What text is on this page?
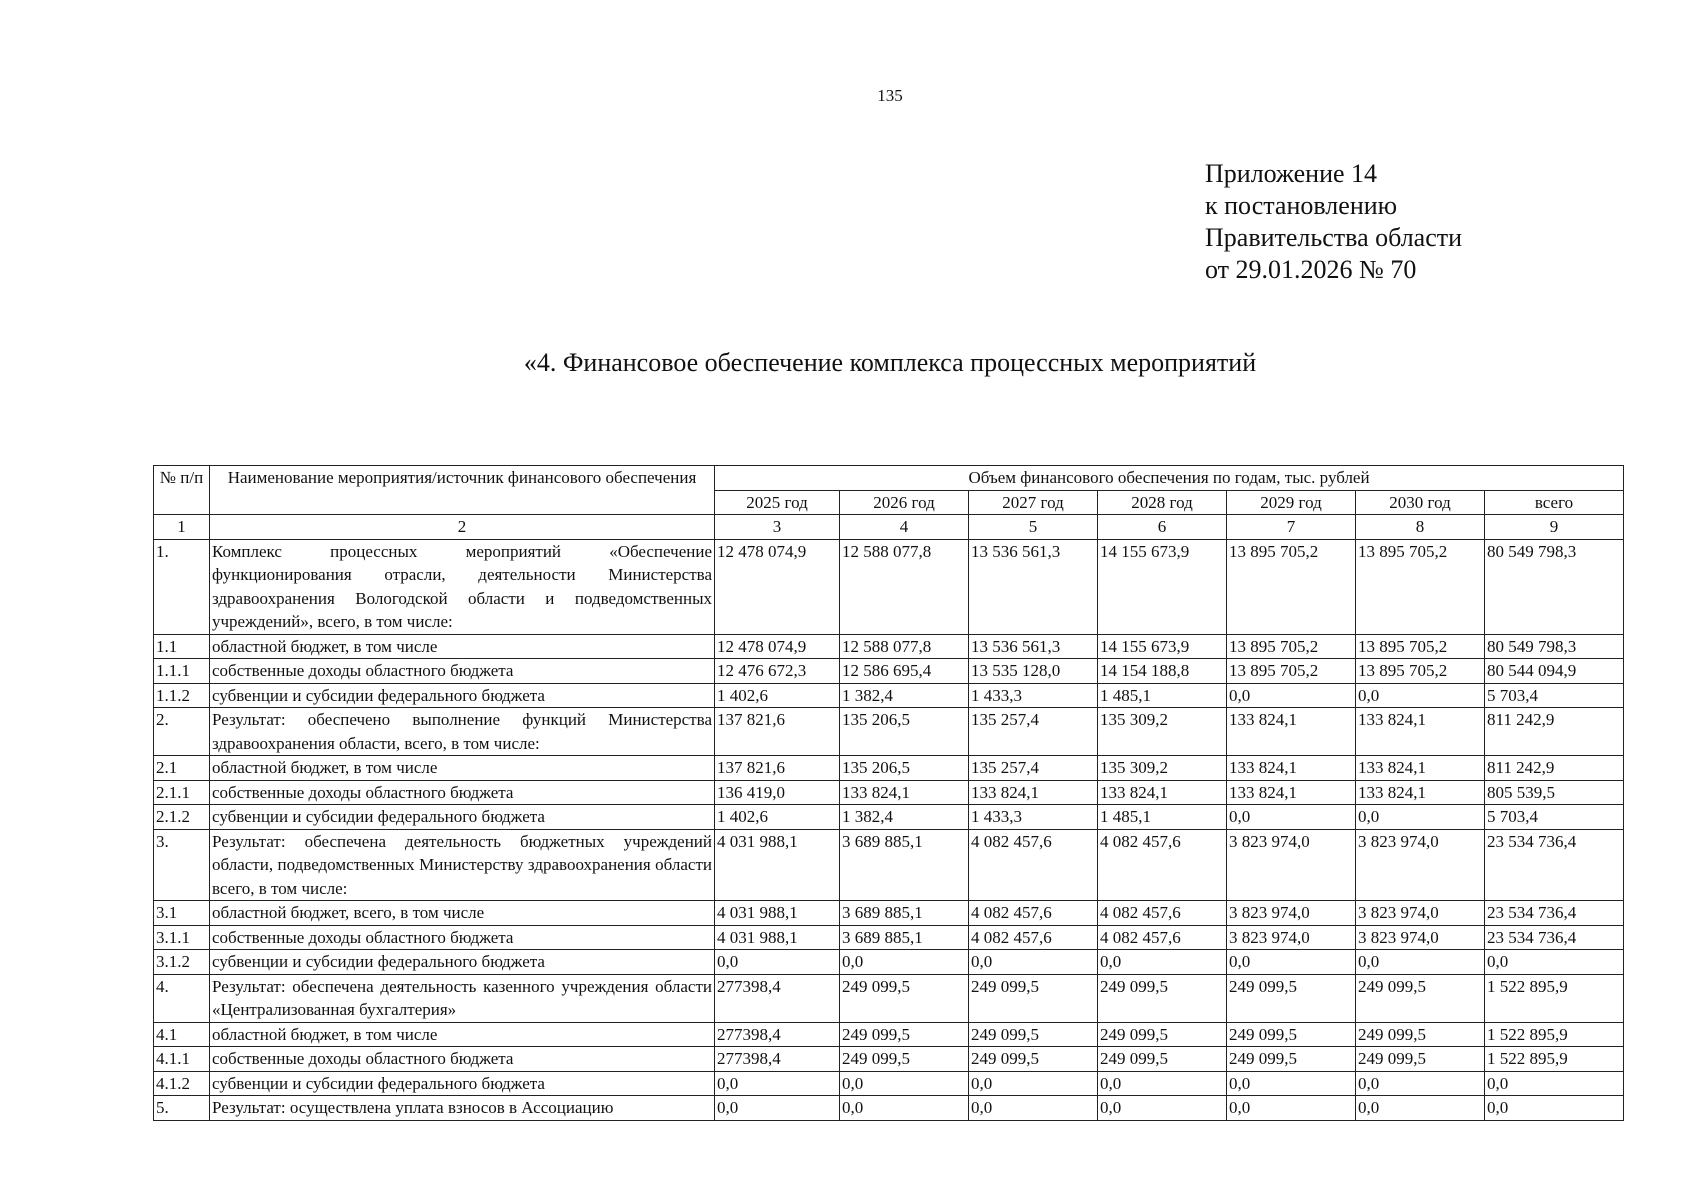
135
Приложение 14
к постановлению
Правительства области
от 29.01.2026 № 70
«4. Финансовое обеспечение комплекса процессных мероприятий
№ п/п	Наименование мероприятия/источник финансового обеспечения	Объем финансового обеспечения по годам, тыс. рублей						
		2025 год	2026 год	2027 год	2028 год	2029 год	2030 год	всего
1	2	3	4	5	6	7	8	9
1.	Комплекс процессных мероприятий «Обеспечение функционирования отрасли, деятельности Министерства здравоохранения Вологодской области и подведомственных учреждений», всего, в том числе:	12 478 074,9	12 588 077,8	13 536 561,3	14 155 673,9	13 895 705,2	13 895 705,2	80 549 798,3
1.1	областной бюджет, в том числе	12 478 074,9	12 588 077,8	13 536 561,3	14 155 673,9	13 895 705,2	13 895 705,2	80 549 798,3
1.1.1	собственные доходы областного бюджета	12 476 672,3	12 586 695,4	13 535 128,0	14 154 188,8	13 895 705,2	13 895 705,2	80 544 094,9
1.1.2	субвенции и субсидии федерального бюджета	1 402,6	1 382,4	1 433,3	1 485,1	0,0	0,0	5 703,4
2.	Результат: обеспечено выполнение функций Министерства здравоохранения области, всего, в том числе:	137 821,6	135 206,5	135 257,4	135 309,2	133 824,1	133 824,1	811 242,9
2.1	областной бюджет, в том числе	137 821,6	135 206,5	135 257,4	135 309,2	133 824,1	133 824,1	811 242,9
2.1.1	собственные доходы областного бюджета	136 419,0	133 824,1	133 824,1	133 824,1	133 824,1	133 824,1	805 539,5
2.1.2	субвенции и субсидии федерального бюджета	1 402,6	1 382,4	1 433,3	1 485,1	0,0	0,0	5 703,4
3.	Результат: обеспечена деятельность бюджетных учреждений области, подведомственных Министерству здравоохранения области всего, в том числе:	4 031 988,1	3 689 885,1	4 082 457,6	4 082 457,6	3 823 974,0	3 823 974,0	23 534 736,4
3.1	областной бюджет, всего, в том числе	4 031 988,1	3 689 885,1	4 082 457,6	4 082 457,6	3 823 974,0	3 823 974,0	23 534 736,4
3.1.1	собственные доходы областного бюджета	4 031 988,1	3 689 885,1	4 082 457,6	4 082 457,6	3 823 974,0	3 823 974,0	23 534 736,4
3.1.2	субвенции и субсидии федерального бюджета	0,0	0,0	0,0	0,0	0,0	0,0	0,0
4.	Результат: обеспечена деятельность казенного учреждения области «Централизованная бухгалтерия»	277398,4	249 099,5	249 099,5	249 099,5	249 099,5	249 099,5	1 522 895,9
4.1	областной бюджет, в том числе	277398,4	249 099,5	249 099,5	249 099,5	249 099,5	249 099,5	1 522 895,9
4.1.1	собственные доходы областного бюджета	277398,4	249 099,5	249 099,5	249 099,5	249 099,5	249 099,5	1 522 895,9
4.1.2	субвенции и субсидии федерального бюджета	0,0	0,0	0,0	0,0	0,0	0,0	0,0
5.	Результат: осуществлена уплата взносов в Ассоциацию	0,0	0,0	0,0	0,0	0,0	0,0	0,0
